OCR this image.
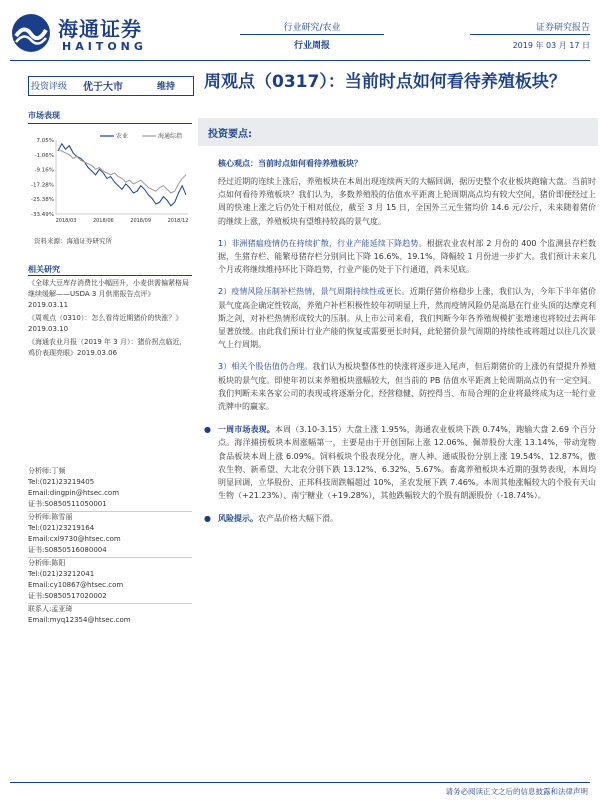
海通证券
HAITONG
行业研究/农业
行业周报
证券研究报告
2019 年 03 月 17 日
投资评级 优于大市	维持 周观点（0317）：当前时点如何看待养殖板块？
市场表现
7.05%
-1.06%
-9.16%
-17.28%
-25.38%
-33.49%
2018/03	2018/06	2018/09	2018/12
农业	海通综指
资料来源：海通证券研究所
相关研究
《全球大豆库存消费比小幅回升，小麦供需偏紧格局继续缓解——USDA 3 月供需报告点评》2019.03.11
《周观点（0310）：怎么看待近期猪价的快涨？》2019.03.10
《海通农业月报（2019 年 3 月）：猪价拐点临近，鸡价表现亮眼》2019.03.06
分析师:丁频
Tel:(021)23219405
Email:dingpin@htsec.com
证书:S0850511050001
分析师:陈雪丽
Tel:(021)23219164
Email:cxl9730@htsec.com
证书:S0850516080004
分析师:陈阳
Tel:(021)23212041
Email:cy10867@htsec.com
证书:S0850517020002
联系人:孟亚琦
Email:myq12354@htsec.com
投资要点:
核心观点：当前时点如何看待养殖板块？
经过近期的连续上涨后，养殖板块在本周出现连续两天的大幅回调，据历史整个农业板块跑输大盘。当前时点如何看待养殖板块？我们认为，多数养殖股的估值水平距离上轮周期高点均有较大空间，猪价即便经过上周的快速上涨之后仍处于相对低位，截至 3 月 15 日，全国外三元生猪均价 14.6 元/公斤，未来随着猪价的继续上涨，养殖板块有望维持较高的景气度。
1）非洲猪瘟疫情仍在持续扩散，行业产能延续下降趋势。根据农业农村部 2 月份的 400 个监测县存栏数据，生猪存栏、能繁母猪存栏分别同比下降 16.6%、19.1%，降幅较 1 月份进一步扩大。我们预计未来几个月或将继续维持环比下降趋势，行业产能仍处于下行通道，尚未见底。
2）疫情风险压制补栏热情，景气周期持续性或更长。近期仔猪价格稳步上涨，我们认为，今年下半年猪价景气度高企确定性较高，养殖户补栏积极性较年初明显上升，然而疫情风险仍是高悬在行业头顶的达摩克利斯之剑，对补栏热情形成较大的压制。从上市公司来看，我们判断今年各养殖规模扩张增速也将较过去两年显著放缓。由此我们预计行业产能的恢复或需要更长时间，此轮猪价景气周期的持续性或将超过以往几次景气上行周期。
3）相关个股估值仍合理。我们认为板块整体性的快涨将逐步进入尾声，但后期猪价的上涨仍有望提升养殖板块的景气度。即使年初以来养殖板块涨幅较大，但当前的 PB 估值水平距离上轮周期高点仍有一定空间。我们判断未来各家公司的表现或将逐渐分化，经营稳健、防控得当、布局合理的企业将最终成为这一轮行业洗牌中的赢家。
● 一周市场表现。本周（3.10-3.15）大盘上涨 1.95%，海通农业板块下跌 0.74%，跑输大盘 2.69 个百分点。海洋捕捞板块本周涨幅第一，主要是由于开创国际上涨 12.06%、佩蒂股份大涨 13.14%，带动宠物食品板块本周上涨 6.09%。饲料板块个股表现分化，唐人神、通威股份分别上涨 19.54%、12.87%，傲农生物、新希望、大北农分别下跌 13.12%、6.32%、5.67%。畜禽养殖板块本近期的强势表现，本周均明显回调，立华股份、正邦科技周跌幅超过 10%，圣农发展下跌 7.46%。本周其他涨幅较大的个股有天山生物（+21.23%）、南宁糖业（+19.28%），其他跌幅较大的个股有朗源股份（-18.74%）。
● 风险提示。农产品价格大幅下滑。
请务必阅读正文之后的信息披露和法律声明
